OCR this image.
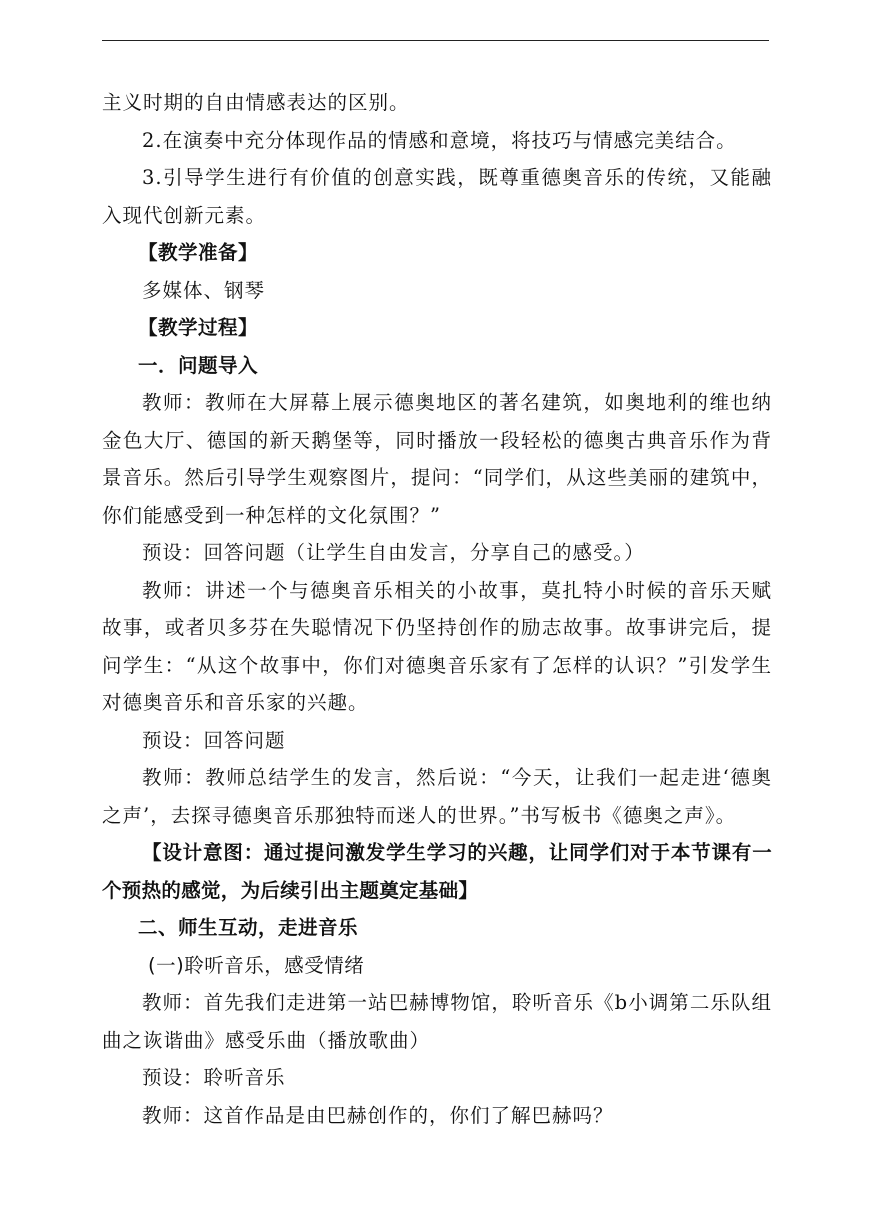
主义时期的自由情感表达的区别。

2.在演奏中充分体现作品的情感和意境，将技巧与情感完美结合。

3.引导学生进行有价值的创意实践，既尊重德奥音乐的传统，又能融入现代创新元素。

【教学准备】

多媒体、钢琴

【教学过程】

一．问题导入

教师：教师在大屏幕上展示德奥地区的著名建筑，如奥地利的维也纳金色大厅、德国的新天鹅堡等，同时播放一段轻松的德奥古典音乐作为背景音乐。然后引导学生观察图片，提问：“同学们，从这些美丽的建筑中，你们能感受到一种怎样的文化氛围？”

预设：回答问题（让学生自由发言，分享自己的感受。）

教师：讲述一个与德奥音乐相关的小故事，莫扎特小时候的音乐天赋故事，或者贝多芬在失聪情况下仍坚持创作的励志故事。故事讲完后，提问学生：“从这个故事中，你们对德奥音乐家有了怎样的认识？”引发学生对德奥音乐和音乐家的兴趣。

预设：回答问题

教师：教师总结学生的发言，然后说：“今天，让我们一起走进‘德奥之声’，去探寻德奥音乐那独特而迷人的世界。”书写板书《德奥之声》。

【设计意图：通过提问激发学生学习的兴趣，让同学们对于本节课有一个预热的感觉，为后续引出主题奠定基础】

二、师生互动，走进音乐

(一)聆听音乐，感受情绪

教师：首先我们走进第一站巴赫博物馆，聆听音乐《b小调第二乐队组曲之诙谐曲》感受乐曲（播放歌曲）

预设：聆听音乐

教师：这首作品是由巴赫创作的，你们了解巴赫吗？
